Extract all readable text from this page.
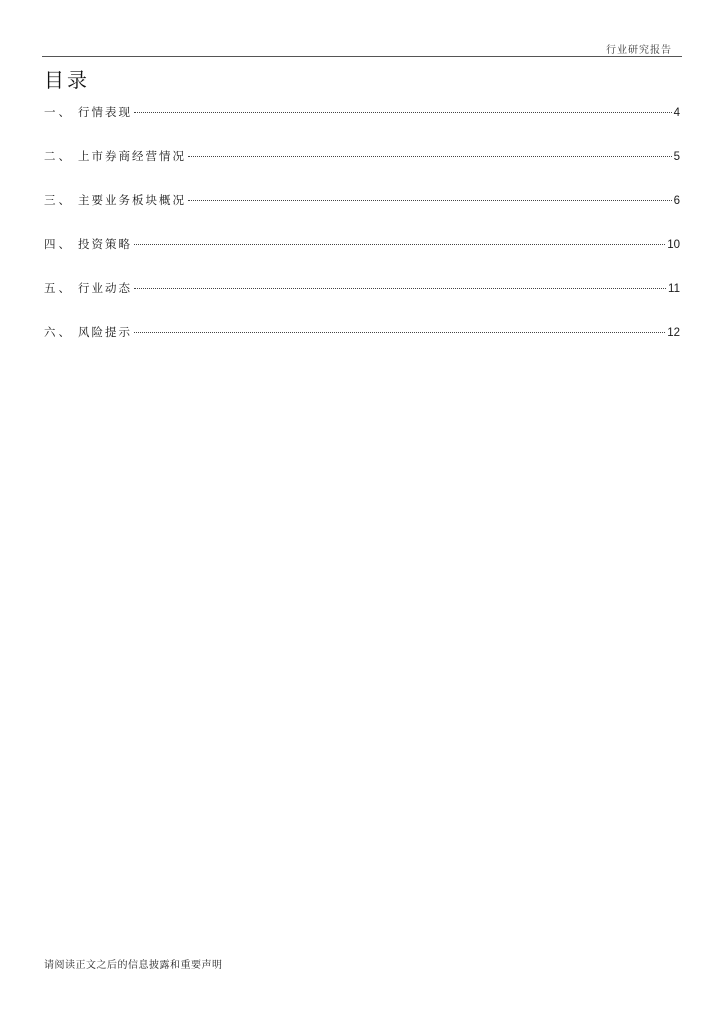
行业研究报告
目录
一 、 行情表现	4
二 、 上市券商经营情况	5
三 、 主要业务板块概况	6
四 、 投资策略	10
五 、 行业动态	11
六 、 风险提示	12
请阅读正文之后的信息披露和重要声明
